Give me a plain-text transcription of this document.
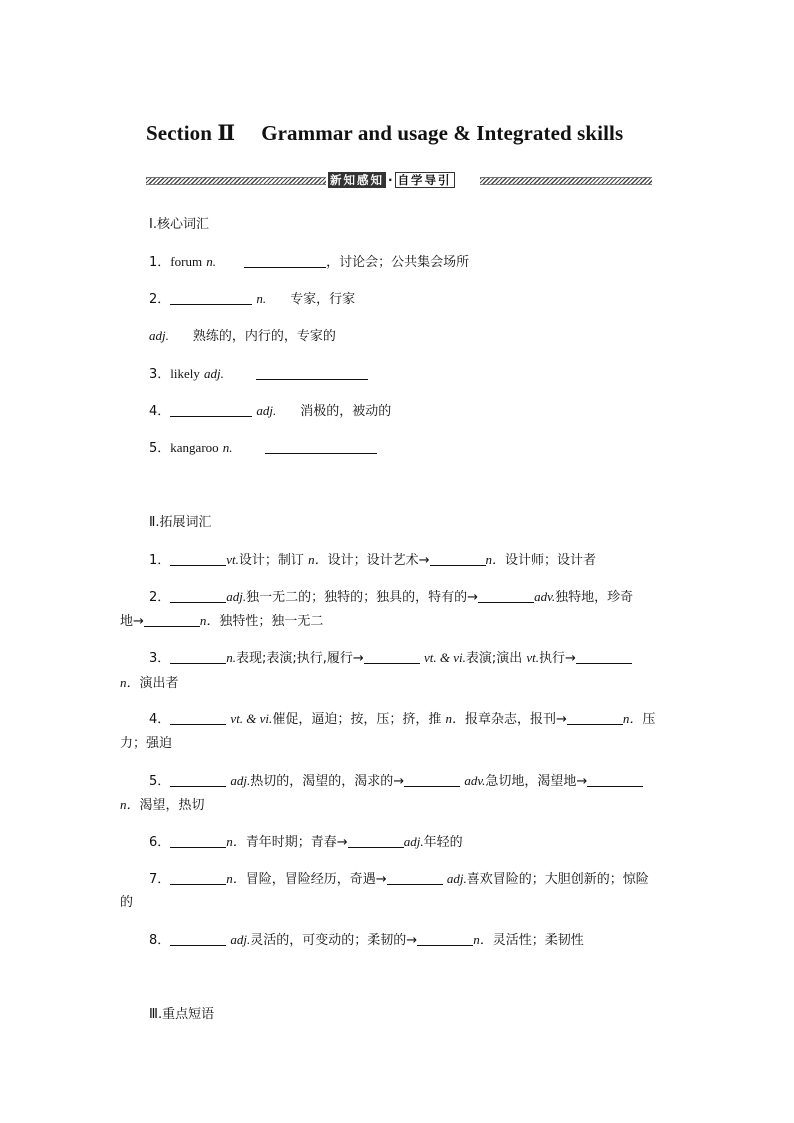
Section Ⅱ Grammar and usage & Integrated skills
新知感知 · 自学导引
Ⅰ.核心词汇
1．forum n.	，讨论会；公共集会场所
2．	n. 专家，行家
adj. 熟练的，内行的，专家的
3．likely adj.
4．	adj. 消极的，被动的
5．kangaroo n.
Ⅱ.拓展词汇
1．	vt.设计；制订 n．设计；设计艺术→	n．设计师；设计者
2．	adj.独一无二的；独特的；独具的，特有的→	adv.独特地，珍奇
地→	n．独特性；独一无二
3．	n.表现;表演;执行,履行→	vt. & vi.表演;演出 vt.执行→
n．演出者
4．	vt. & vi.催促，逼迫；按，压；挤，推 n．报章杂志，报刊→	n．压
力；强迫
5．	adj.热切的，渴望的，渴求的→	adv.急切地，渴望地→
n．渴望，热切
6．	n．青年时期；青春→	adj.年轻的
7．	n．冒险，冒险经历，奇遇→	adj.喜欢冒险的；大胆创新的；惊险
的
8．	adj.灵活的，可变动的；柔韧的→	n．灵活性；柔韧性
Ⅲ.重点短语
